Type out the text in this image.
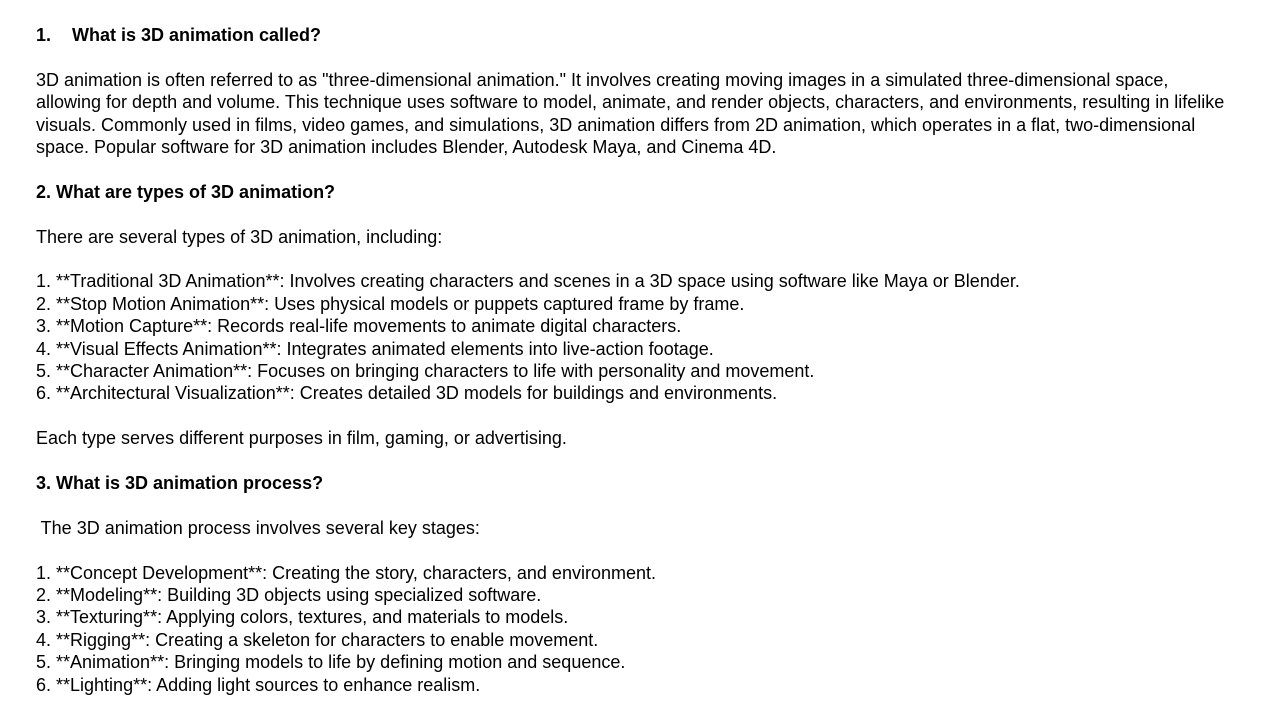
1. What is 3D animation called?

3D animation is often referred to as "three-dimensional animation." It involves creating moving images in a simulated three-dimensional space, allowing for depth and volume. This technique uses software to model, animate, and render objects, characters, and environments, resulting in lifelike visuals. Commonly used in films, video games, and simulations, 3D animation differs from 2D animation, which operates in a flat, two-dimensional space. Popular software for 3D animation includes Blender, Autodesk Maya, and Cinema 4D.

2. What are types of 3D animation?

There are several types of 3D animation, including:

1. **Traditional 3D Animation**: Involves creating characters and scenes in a 3D space using software like Maya or Blender.

2. **Stop Motion Animation**: Uses physical models or puppets captured frame by frame.

3. **Motion Capture**: Records real-life movements to animate digital characters.

4. **Visual Effects Animation**: Integrates animated elements into live-action footage.

5. **Character Animation**: Focuses on bringing characters to life with personality and movement.

6. **Architectural Visualization**: Creates detailed 3D models for buildings and environments.

Each type serves different purposes in film, gaming, or advertising.

3. What is 3D animation process?

The 3D animation process involves several key stages:

1. **Concept Development**: Creating the story, characters, and environment.

2. **Modeling**: Building 3D objects using specialized software.

3. **Texturing**: Applying colors, textures, and materials to models.

4. **Rigging**: Creating a skeleton for characters to enable movement.

5. **Animation**: Bringing models to life by defining motion and sequence.

6. **Lighting**: Adding light sources to enhance realism.
